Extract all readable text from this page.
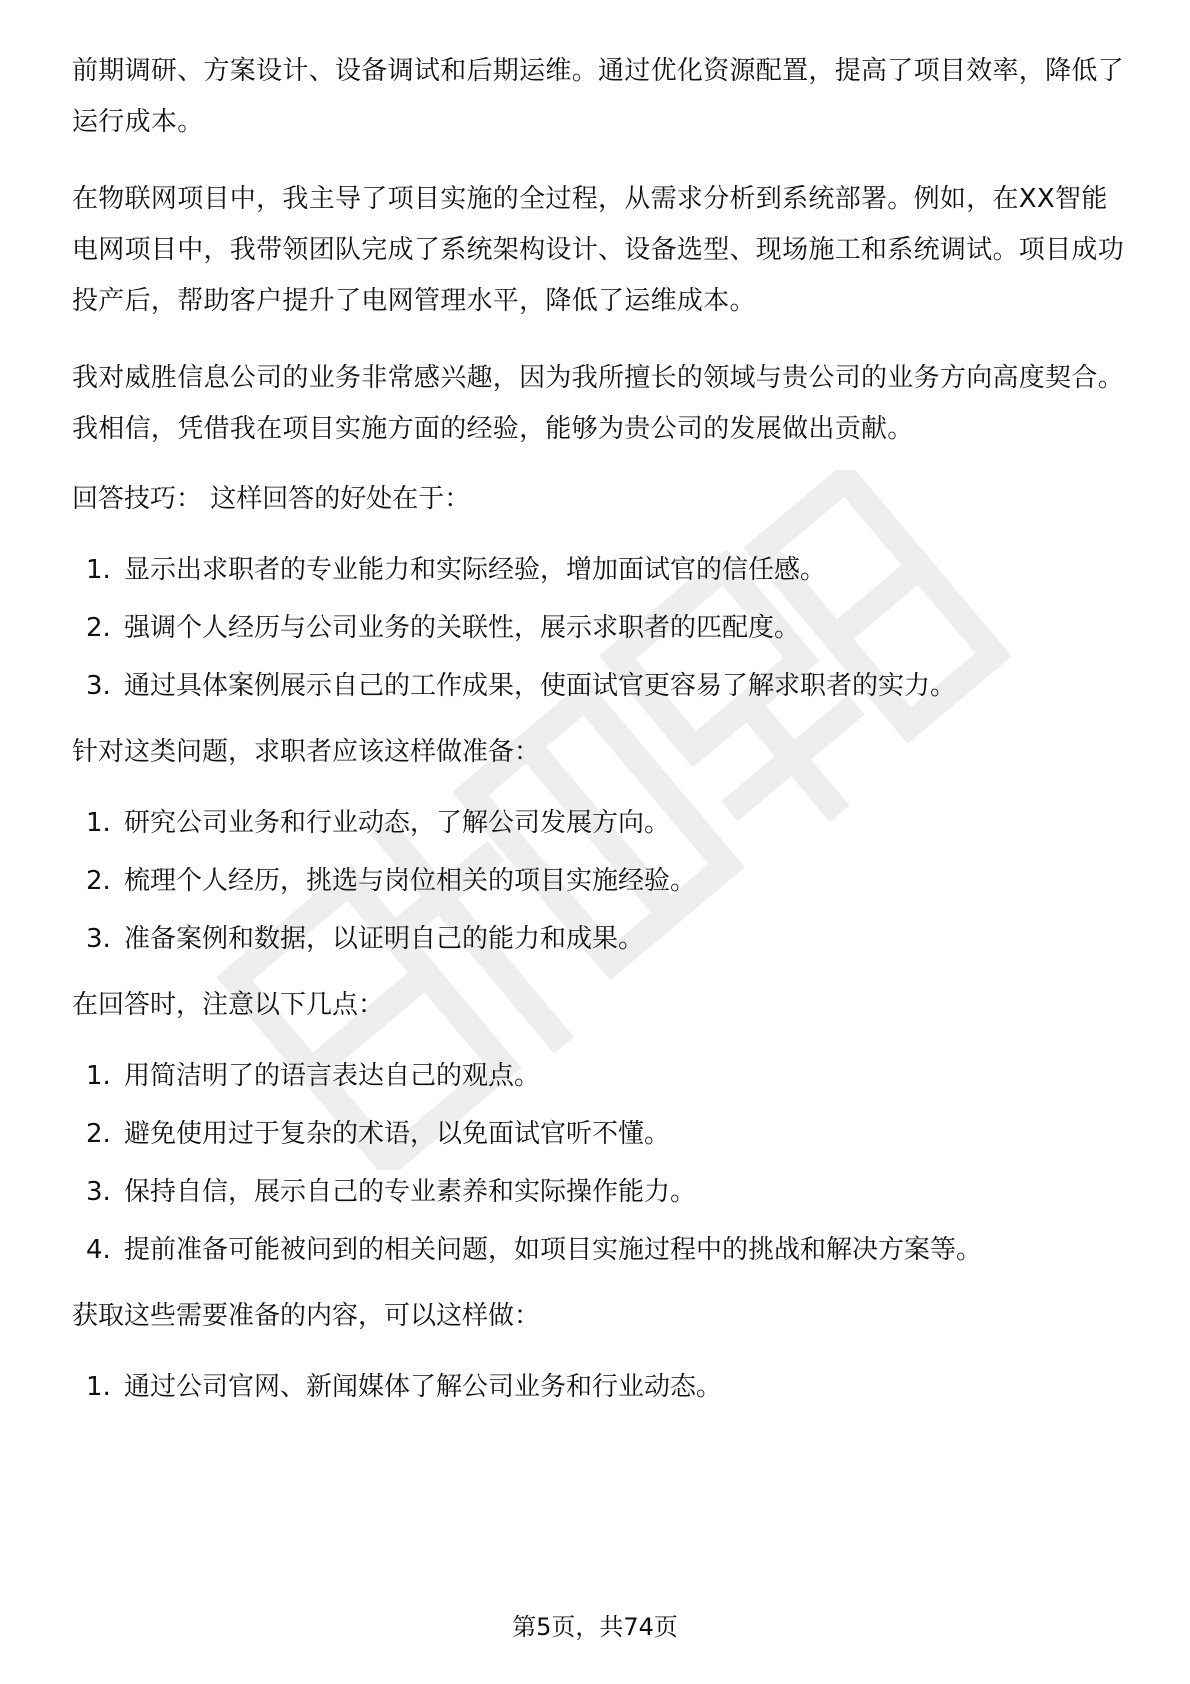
前期调研、方案设计、设备调试和后期运维。通过优化资源配置，提高了项目效率，降低了运行成本。

在物联网项目中，我主导了项目实施的全过程，从需求分析到系统部署。例如，在XX智能电网项目中，我带领团队完成了系统架构设计、设备选型、现场施工和系统调试。项目成功投产后，帮助客户提升了电网管理水平，降低了运维成本。

我对威胜信息公司的业务非常感兴趣，因为我所擅长的领域与贵公司的业务方向高度契合。我相信，凭借我在项目实施方面的经验，能够为贵公司的发展做出贡献。

回答技巧： 这样回答的好处在于：
1. 显示出求职者的专业能力和实际经验，增加面试官的信任感。
2. 强调个人经历与公司业务的关联性，展示求职者的匹配度。
3. 通过具体案例展示自己的工作成果，使面试官更容易了解求职者的实力。
针对这类问题，求职者应该这样做准备：
1. 研究公司业务和行业动态，了解公司发展方向。
2. 梳理个人经历，挑选与岗位相关的项目实施经验。
3. 准备案例和数据，以证明自己的能力和成果。
在回答时，注意以下几点：
1. 用简洁明了的语言表达自己的观点。
2. 避免使用过于复杂的术语，以免面试官听不懂。
3. 保持自信，展示自己的专业素养和实际操作能力。
4. 提前准备可能被问到的相关问题，如项目实施过程中的挑战和解决方案等。
获取这些需要准备的内容，可以这样做：
1. 通过公司官网、新闻媒体了解公司业务和行业动态。
第5页，共74页
